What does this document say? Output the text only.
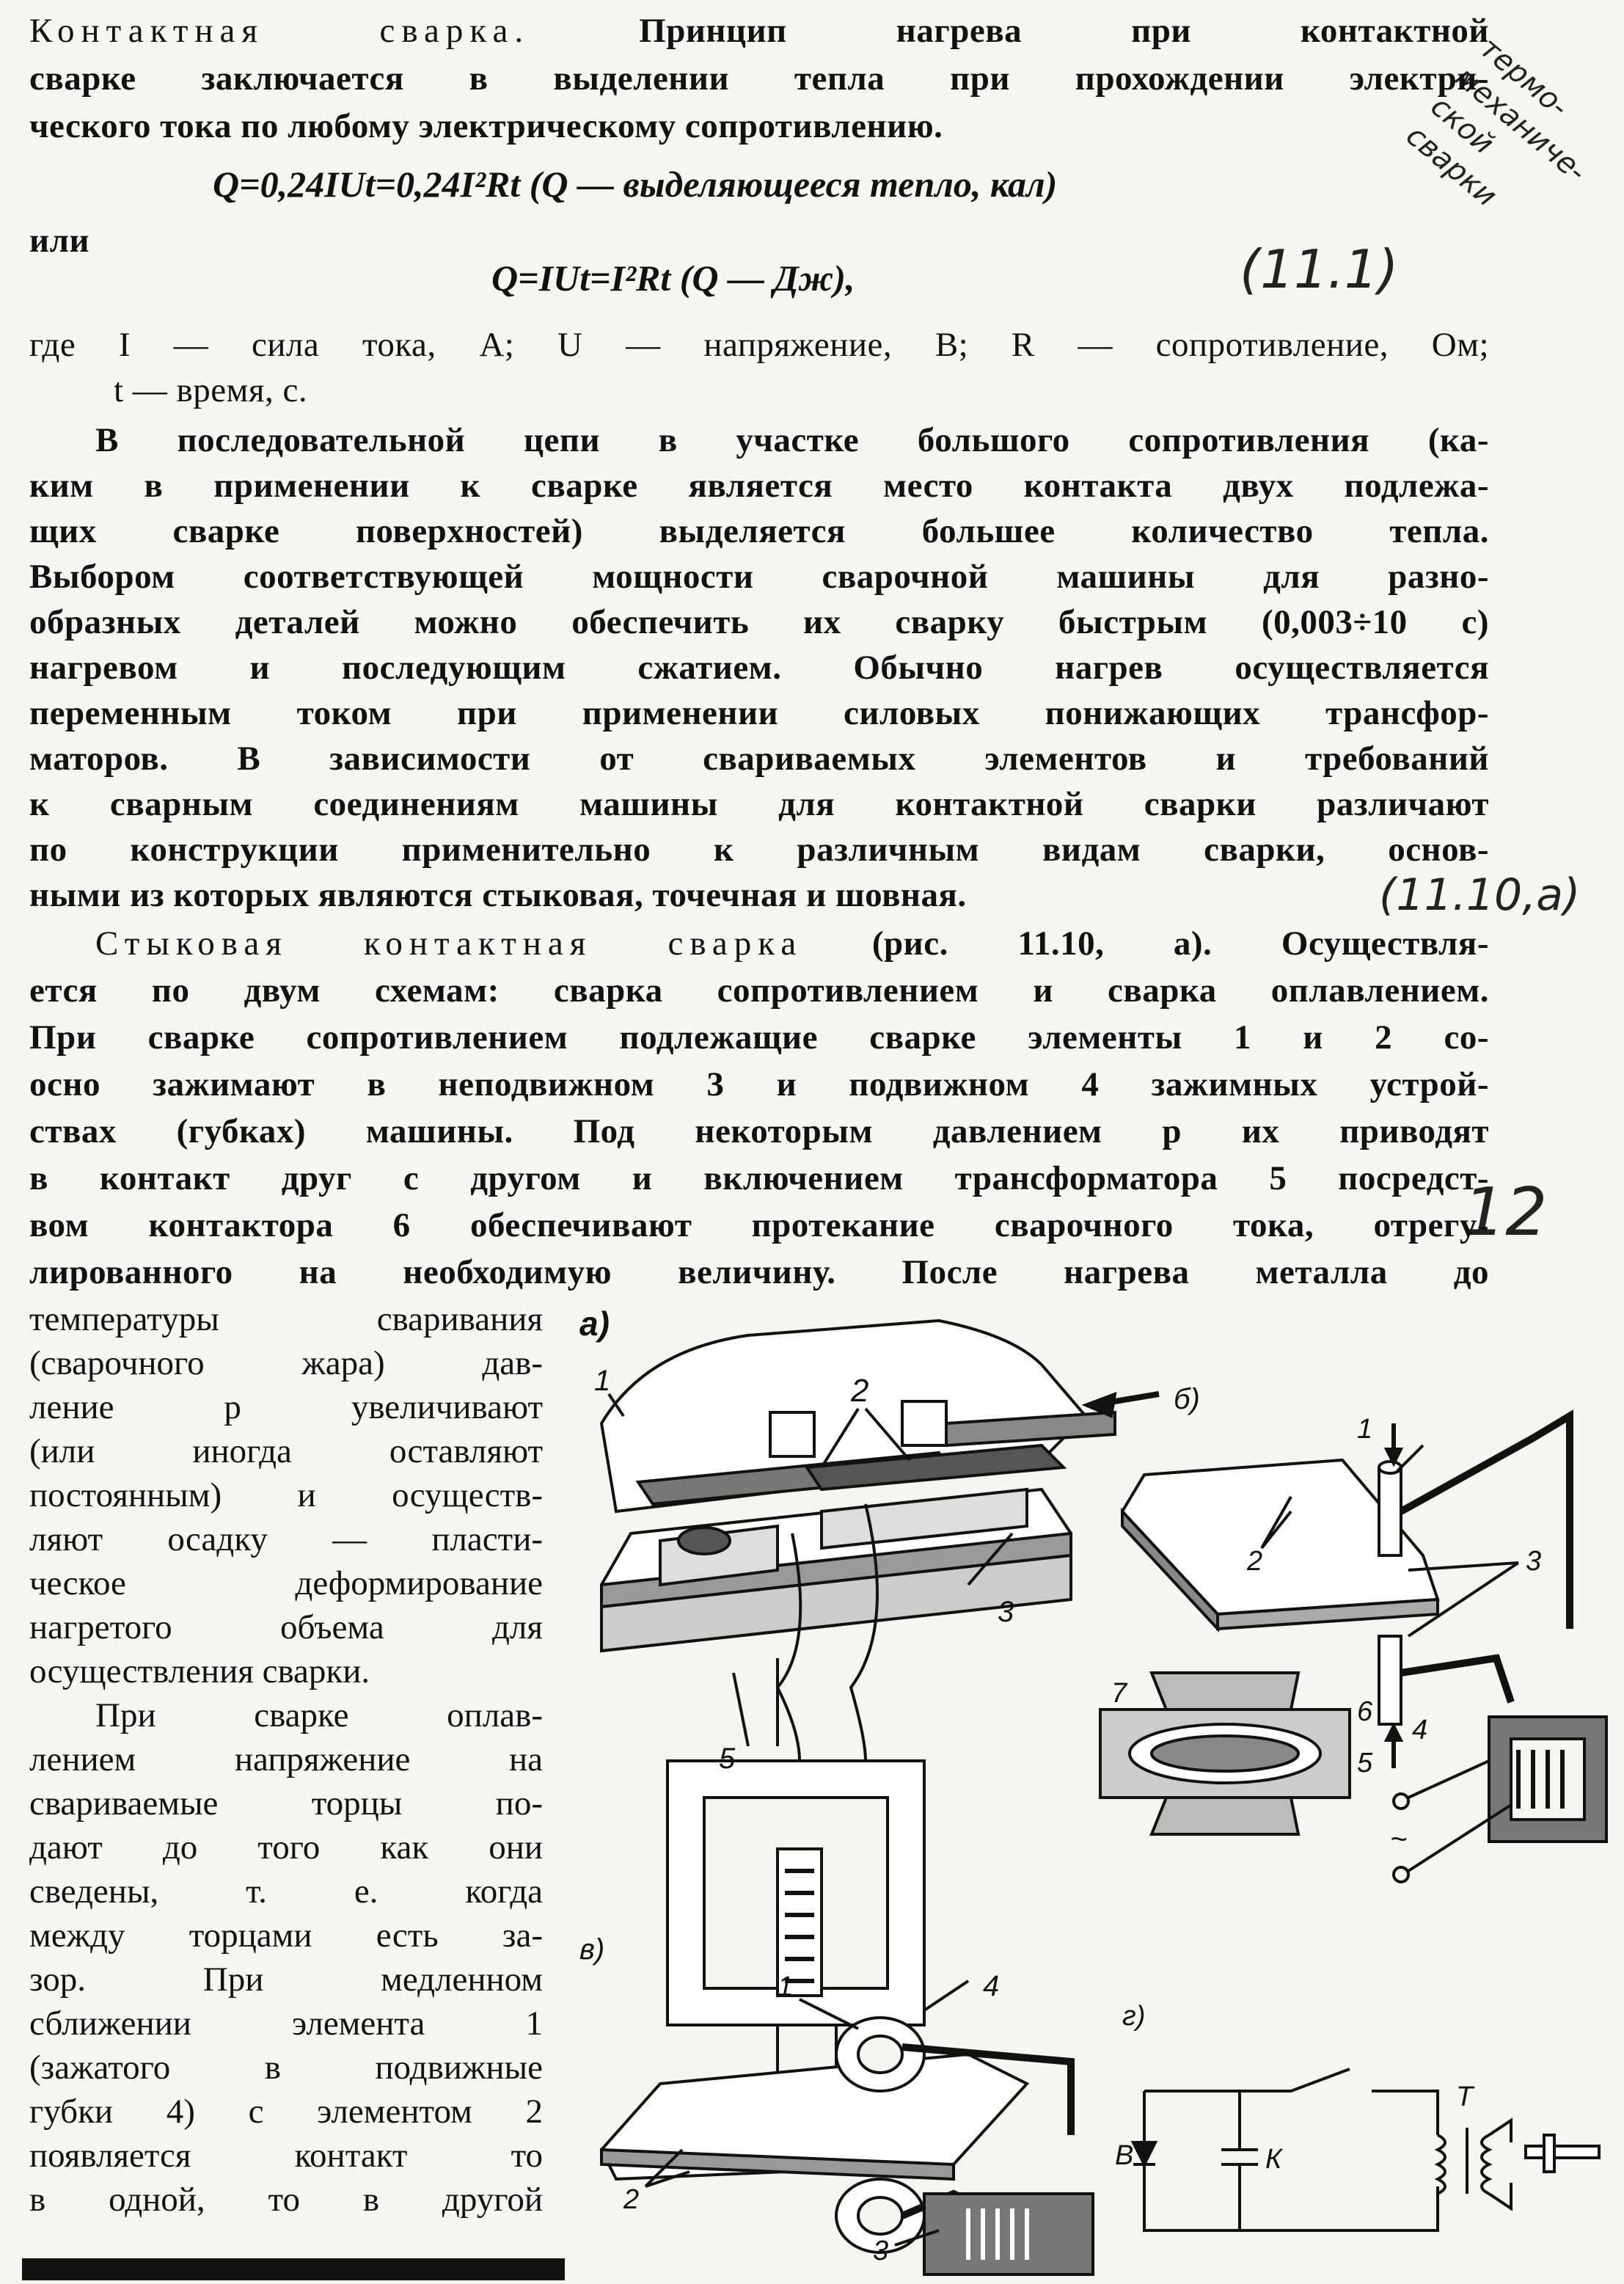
термо-механиче-ской сварки
(11.1)
(11.10,а)
12
Контактная сварка.	Принцип нагрева при контактной
сварке заключается в выделении тепла при прохождении электри-
ческого тока по любому электрическому сопротивлению.
Q=0,24IUt=0,24I²Rt (Q — выделяющееся тепло, кал)
или
Q=IUt=I²Rt (Q — Дж),
где I — сила тока, А; U — напряжение, В; R — сопротивление, Ом;
t — время, с.
В последовательной цепи в участке большого сопротивления (ка-
ким в применении к сварке является место контакта двух подлежа-
щих сварке поверхностей) выделяется большее количество тепла.
Выбором соответствующей мощности сварочной машины для разно-
образных деталей можно обеспечить их сварку быстрым (0,003÷10 с)
нагревом и последующим сжатием. Обычно нагрев осуществляется
переменным током при применении силовых понижающих трансфор-
маторов. В зависимости от свариваемых элементов и требований
к сварным соединениям машины для контактной сварки различают
по конструкции применительно к различным видам сварки, основ-
ными из которых являются стыковая, точечная и шовная.
Стыковая контактная сварка (рис. 11.10, а). Осуществля-
ется по двум схемам: сварка сопротивлением и сварка оплавлением.
При сварке сопротивлением подлежащие сварке элементы 1 и 2 со-
осно зажимают в неподвижном 3 и подвижном 4 зажимных устрой-
ствах (губках) машины. Под некоторым давлением p их приводят
в контакт друг с другом и включением трансформатора 5 посредст-
вом контактора 6 обеспечивают протекание сварочного тока, отрегу-
лированного на необходимую величину. После нагрева металла до
температуры сваривания
(сварочного жара) дав-
ление p увеличивают
(или иногда оставляют
постоянным) и осуществ-
ляют осадку — пласти-
ческое деформирование
нагретого объема для
осуществления сварки.
При сварке оплав-
лением напряжение на
свариваемые торцы по-
дают до того как они
сведены, т. е. когда
между торцами есть за-
зор. При медленном
сближении элемента 1
(зажатого в подвижные
губки 4) с элементом 2
появляется контакт то
в одной, то в другой
а)
1	2
3
4
5
б)
1
2	3
4
~
7
6
5
в)
1
2
3
г)
В	К
Т
